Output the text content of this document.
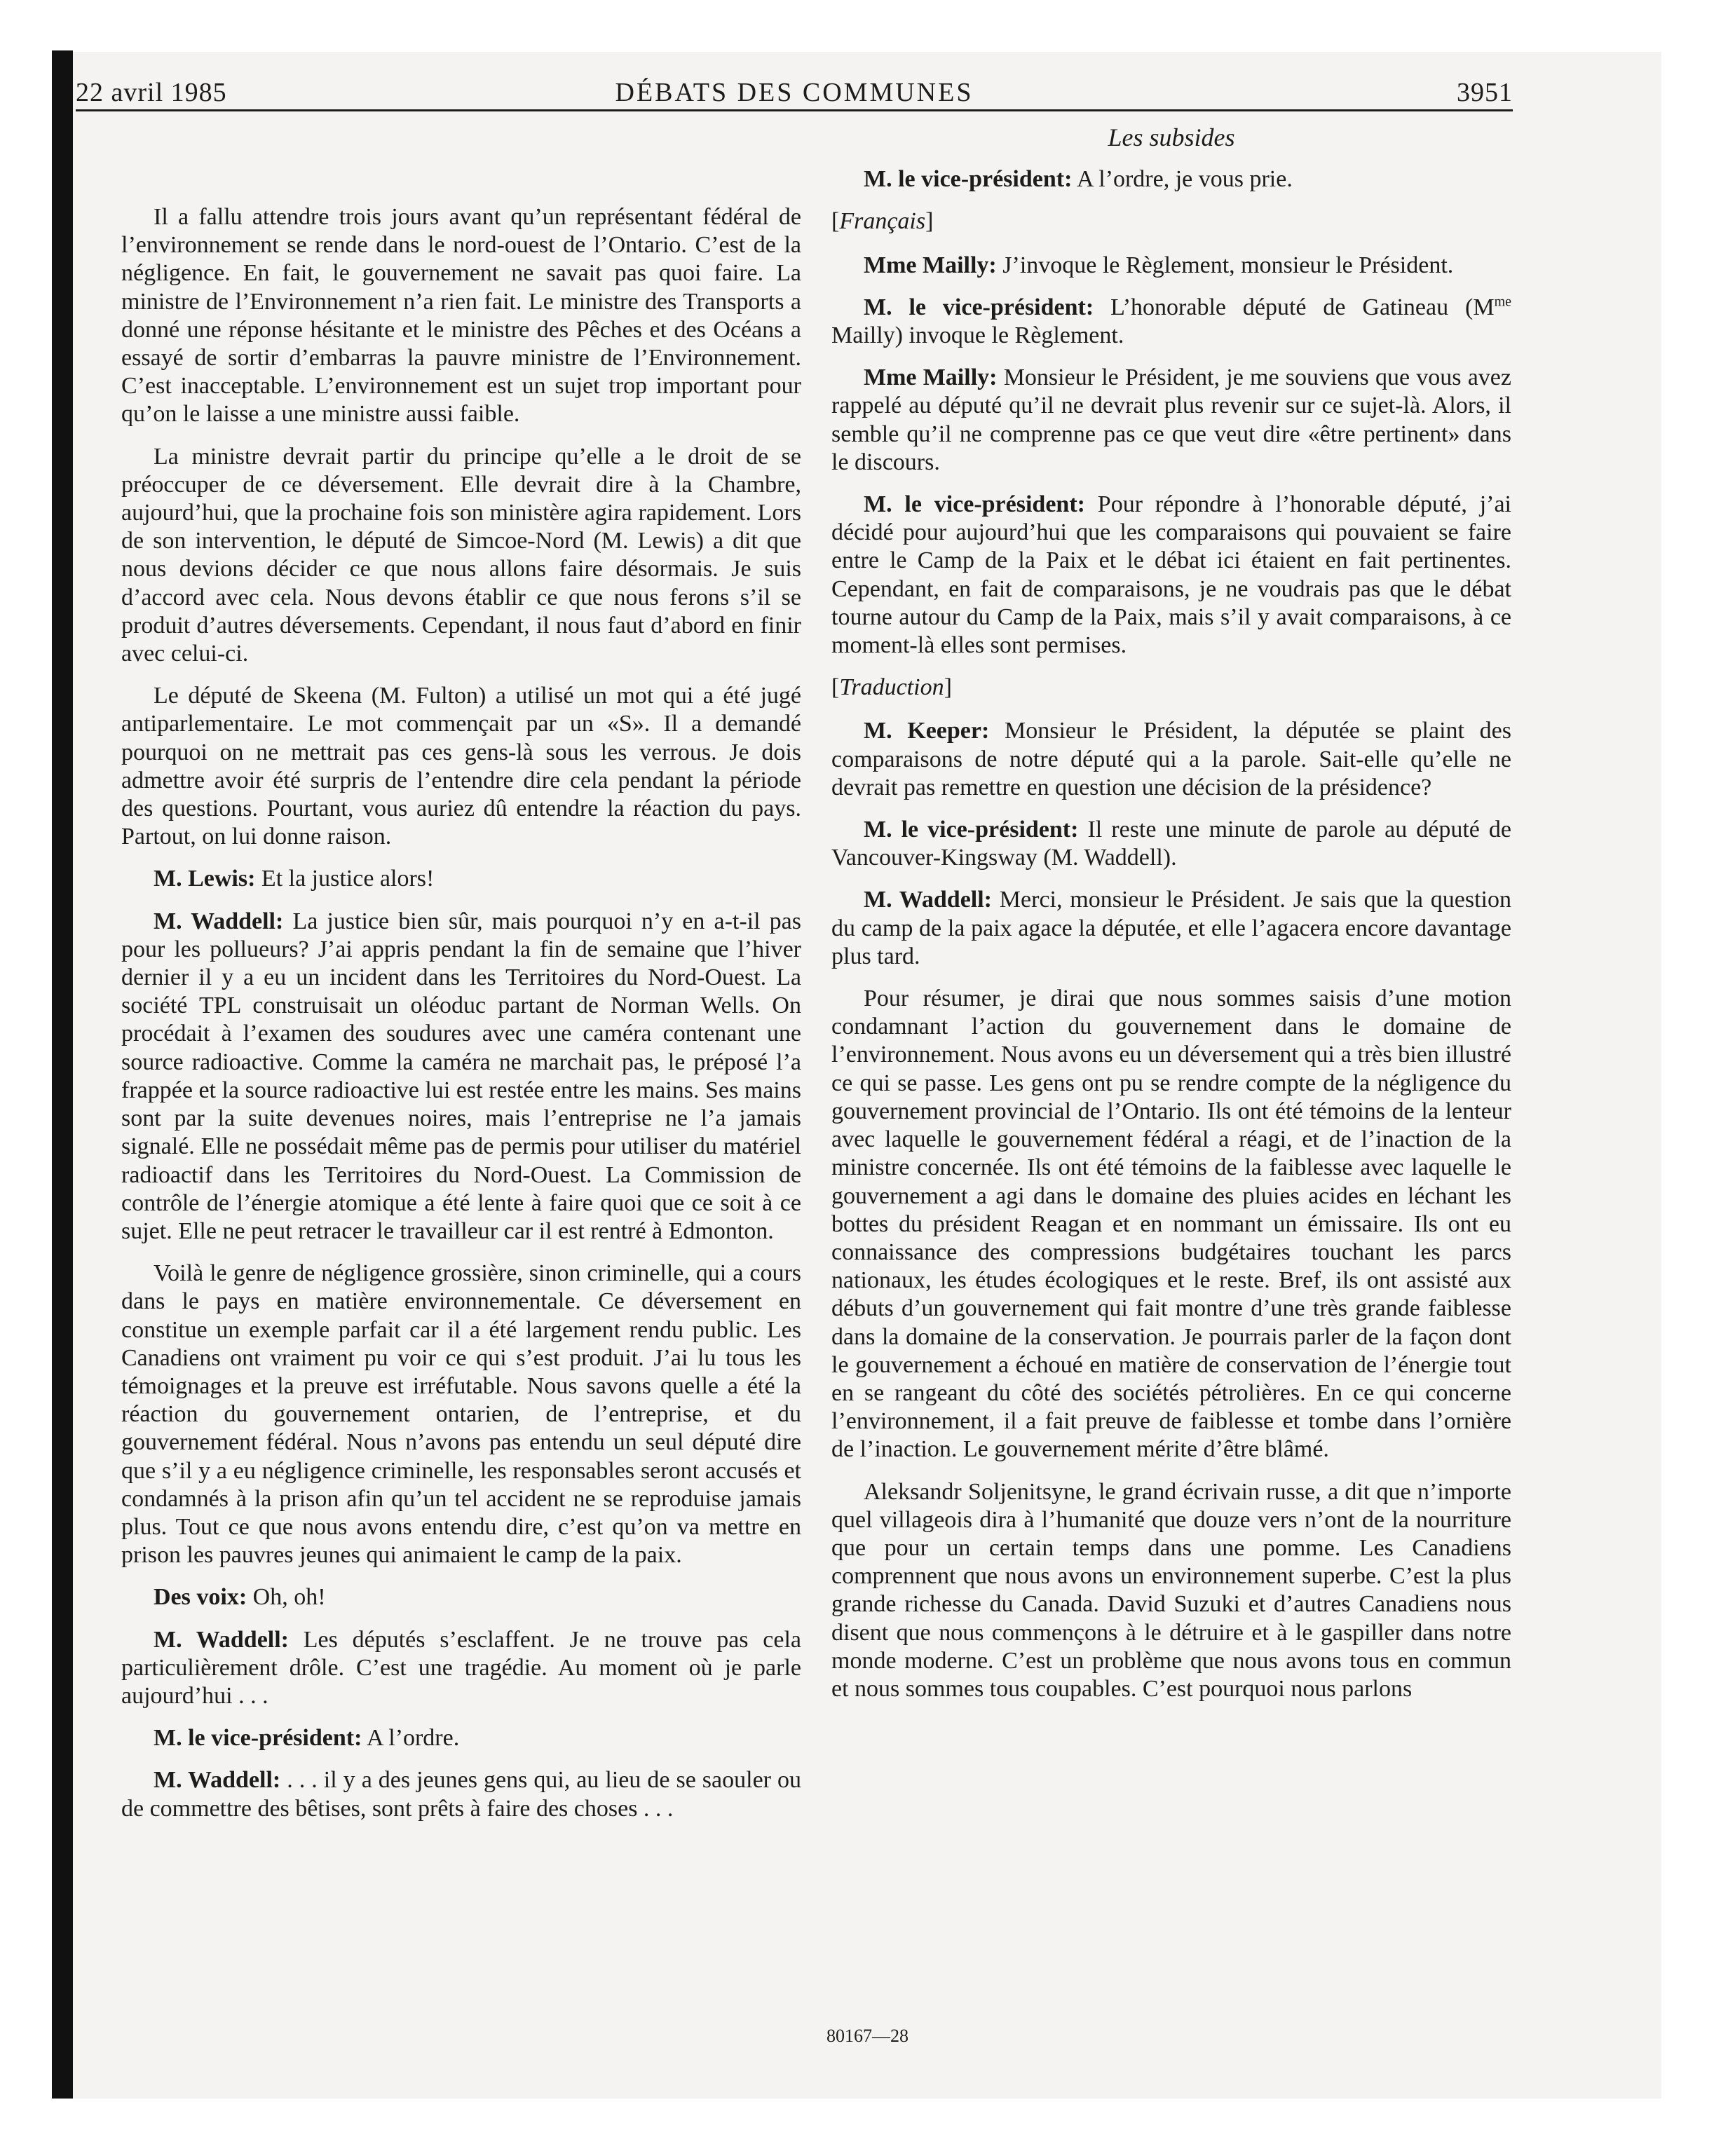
22 avril 1985	DÉBATS DES COMMUNES	3951

Il a fallu attendre trois jours avant qu’un représentant fédéral de l’environnement se rende dans le nord-ouest de l’Ontario. C’est de la négligence. En fait, le gouvernement ne savait pas quoi faire. La ministre de l’Environnement n’a rien fait. Le ministre des Transports a donné une réponse hésitante et le ministre des Pêches et des Océans a essayé de sortir d’embarras la pauvre ministre de l’Environnement. C’est inacceptable. L’environnement est un sujet trop important pour qu’on le laisse a une ministre aussi faible.

La ministre devrait partir du principe qu’elle a le droit de se préoccuper de ce déversement. Elle devrait dire à la Chambre, aujourd’hui, que la prochaine fois son ministère agira rapidement. Lors de son intervention, le député de Simcoe-Nord (M. Lewis) a dit que nous devions décider ce que nous allons faire désormais. Je suis d’accord avec cela. Nous devons établir ce que nous ferons s’il se produit d’autres déversements. Cependant, il nous faut d’abord en finir avec celui-ci.

Le député de Skeena (M. Fulton) a utilisé un mot qui a été jugé antiparlementaire. Le mot commençait par un «S». Il a demandé pourquoi on ne mettrait pas ces gens-là sous les verrous. Je dois admettre avoir été surpris de l’entendre dire cela pendant la période des questions. Pourtant, vous auriez dû entendre la réaction du pays. Partout, on lui donne raison.

M. Lewis: Et la justice alors!

M. Waddell: La justice bien sûr, mais pourquoi n’y en a-t-il pas pour les pollueurs? J’ai appris pendant la fin de semaine que l’hiver dernier il y a eu un incident dans les Territoires du Nord-Ouest. La société TPL construisait un oléoduc partant de Norman Wells. On procédait à l’examen des soudures avec une caméra contenant une source radioactive. Comme la caméra ne marchait pas, le préposé l’a frappée et la source radioactive lui est restée entre les mains. Ses mains sont par la suite devenues noires, mais l’entreprise ne l’a jamais signalé. Elle ne possédait même pas de permis pour utiliser du matériel radioactif dans les Territoires du Nord-Ouest. La Commission de contrôle de l’énergie atomique a été lente à faire quoi que ce soit à ce sujet. Elle ne peut retracer le travailleur car il est rentré à Edmonton.

Voilà le genre de négligence grossière, sinon criminelle, qui a cours dans le pays en matière environnementale. Ce déversement en constitue un exemple parfait car il a été largement rendu public. Les Canadiens ont vraiment pu voir ce qui s’est produit. J’ai lu tous les témoignages et la preuve est irréfutable. Nous savons quelle a été la réaction du gouvernement ontarien, de l’entreprise, et du gouvernement fédéral. Nous n’avons pas entendu un seul député dire que s’il y a eu négligence criminelle, les responsables seront accusés et condamnés à la prison afin qu’un tel accident ne se reproduise jamais plus. Tout ce que nous avons entendu dire, c’est qu’on va mettre en prison les pauvres jeunes qui animaient le camp de la paix.

Des voix: Oh, oh!

M. Waddell: Les députés s’esclaffent. Je ne trouve pas cela particulièrement drôle. C’est une tragédie. Au moment où je parle aujourd’hui . . .

M. le vice-président: A l’ordre.

M. Waddell: . . . il y a des jeunes gens qui, au lieu de se saouler ou de commettre des bêtises, sont prêts à faire des choses . . .

Les subsides

M. le vice-président: A l’ordre, je vous prie.

[Français]

Mme Mailly: J’invoque le Règlement, monsieur le Président.

M. le vice-président: L’honorable député de Gatineau ($M^{me}$ Mailly) invoque le Règlement.

Mme Mailly: Monsieur le Président, je me souviens que vous avez rappelé au député qu’il ne devrait plus revenir sur ce sujet-là. Alors, il semble qu’il ne comprenne pas ce que veut dire «être pertinent» dans le discours.

M. le vice-président: Pour répondre à l’honorable député, j’ai décidé pour aujourd’hui que les comparaisons qui pouvaient se faire entre le Camp de la Paix et le débat ici étaient en fait pertinentes. Cependant, en fait de comparaisons, je ne voudrais pas que le débat tourne autour du Camp de la Paix, mais s’il y avait comparaisons, à ce moment-là elles sont permises.

[Traduction]

M. Keeper: Monsieur le Président, la députée se plaint des comparaisons de notre député qui a la parole. Sait-elle qu’elle ne devrait pas remettre en question une décision de la présidence?

M. le vice-président: Il reste une minute de parole au député de Vancouver-Kingsway (M. Waddell).

M. Waddell: Merci, monsieur le Président. Je sais que la question du camp de la paix agace la députée, et elle l’agacera encore davantage plus tard.

Pour résumer, je dirai que nous sommes saisis d’une motion condamnant l’action du gouvernement dans le domaine de l’environnement. Nous avons eu un déversement qui a très bien illustré ce qui se passe. Les gens ont pu se rendre compte de la négligence du gouvernement provincial de l’Ontario. Ils ont été témoins de la lenteur avec laquelle le gouvernement fédéral a réagi, et de l’inaction de la ministre concernée. Ils ont été témoins de la faiblesse avec laquelle le gouvernement a agi dans le domaine des pluies acides en léchant les bottes du président Reagan et en nommant un émissaire. Ils ont eu connaissance des compressions budgétaires touchant les parcs nationaux, les études écologiques et le reste. Bref, ils ont assisté aux débuts d’un gouvernement qui fait montre d’une très grande faiblesse dans la domaine de la conservation. Je pourrais parler de la façon dont le gouvernement a échoué en matière de conservation de l’énergie tout en se rangeant du côté des sociétés pétrolières. En ce qui concerne l’environnement, il a fait preuve de faiblesse et tombe dans l’ornière de l’inaction. Le gouvernement mérite d’être blâmé.

Aleksandr Soljenitsyne, le grand écrivain russe, a dit que n’importe quel villageois dira à l’humanité que douze vers n’ont de la nourriture que pour un certain temps dans une pomme. Les Canadiens comprennent que nous avons un environnement superbe. C’est la plus grande richesse du Canada. David Suzuki et d’autres Canadiens nous disent que nous commençons à le détruire et à le gaspiller dans notre monde moderne. C’est un problème que nous avons tous en commun et nous sommes tous coupables. C’est pourquoi nous parlons

80167—28
